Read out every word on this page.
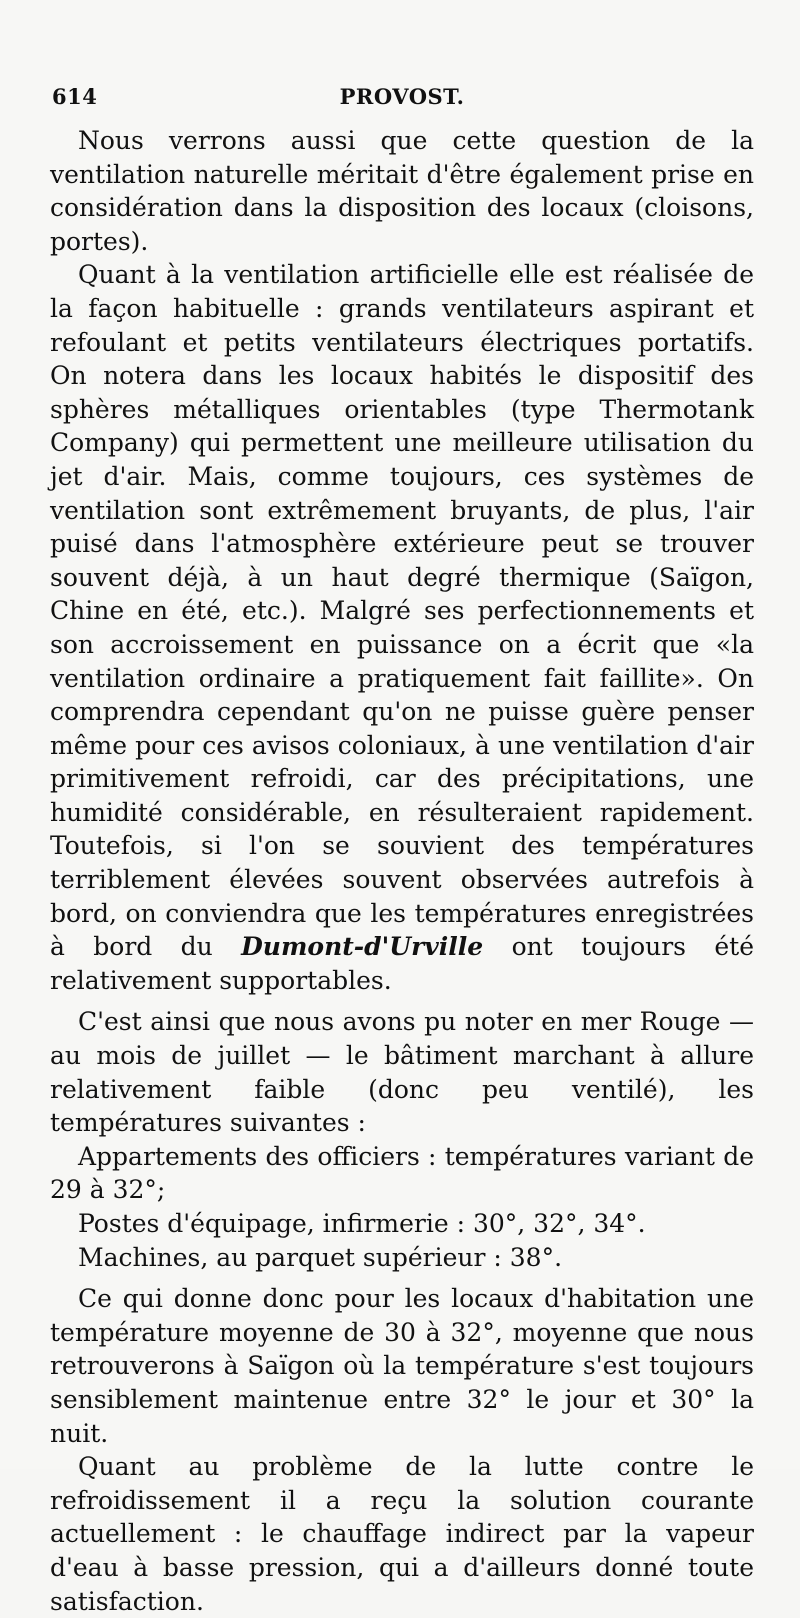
614	PROVOST.

Nous verrons aussi que cette question de la ventilation naturelle méritait d'être également prise en considération dans la disposition des locaux (cloisons, portes).

Quant à la ventilation artificielle elle est réalisée de la façon habituelle : grands ventilateurs aspirant et refoulant et petits ventilateurs électriques portatifs. On notera dans les locaux habités le dispositif des sphères métalliques orientables (type Thermotank Company) qui permettent une meilleure utilisation du jet d'air. Mais, comme toujours, ces systèmes de ventilation sont extrêmement bruyants, de plus, l'air puisé dans l'atmosphère extérieure peut se trouver souvent déjà, à un haut degré thermique (Saïgon, Chine en été, etc.). Malgré ses perfectionnements et son accroissement en puissance on a écrit que «la ventilation ordinaire a pratiquement fait faillite». On comprendra cependant qu'on ne puisse guère penser même pour ces avisos coloniaux, à une ventilation d'air primitivement refroidi, car des précipitations, une humidité considérable, en résulteraient rapidement. Toutefois, si l'on se souvient des températures terriblement élevées souvent observées autrefois à bord, on conviendra que les températures enregistrées à bord du Dumont-d'Urville ont toujours été relativement supportables.

C'est ainsi que nous avons pu noter en mer Rouge — au mois de juillet — le bâtiment marchant à allure relativement faible (donc peu ventilé), les températures suivantes :

Appartements des officiers : températures variant de 29 à 32°;

Postes d'équipage, infirmerie : 30°, 32°, 34°.

Machines, au parquet supérieur : 38°.

Ce qui donne donc pour les locaux d'habitation une température moyenne de 30 à 32°, moyenne que nous retrouverons à Saïgon où la température s'est toujours sensiblement maintenue entre 32° le jour et 30° la nuit.

Quant au problème de la lutte contre le refroidissement il a reçu la solution courante actuellement : le chauffage indirect par la vapeur d'eau à basse pression, qui a d'ailleurs donné toute satisfaction.
